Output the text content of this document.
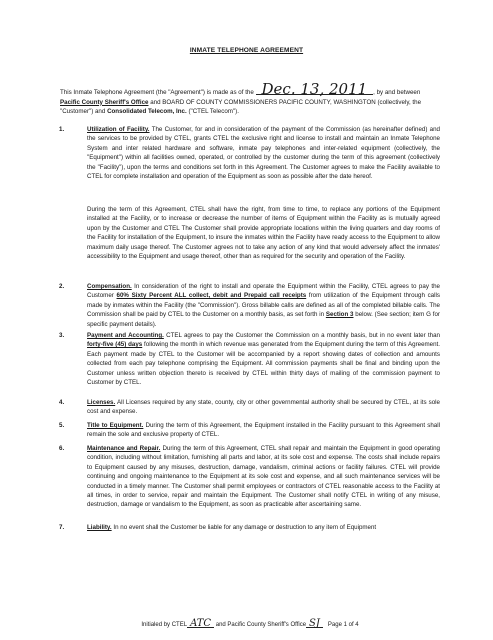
INMATE TELEPHONE AGREEMENT
This Inmate Telephone Agreement (the "Agreement") is made as of the Dec. 13, 2011 , by and between Pacific County Sheriff's Office and BOARD OF COUNTY COMMISSIONERS PACIFIC COUNTY, WASHINGTON (collectively, the "Customer") and Consolidated Telecom, Inc. ("CTEL Telecom").
1.	Utilization of Facility. The Customer, for and in consideration of the payment of the Commission (as hereinafter defined) and the services to be provided by CTEL, grants CTEL the exclusive right and license to install and maintain an Inmate Telephone System and inter related hardware and software, inmate pay telephones and inter-related equipment (collectively, the "Equipment") within all facilities owned, operated, or controlled by the customer during the term of this agreement (collectively the "Facility"), upon the terms and conditions set forth in this Agreement. The Customer agrees to make the Facility available to CTEL for complete installation and operation of the Equipment as soon as possible after the date hereof.
During the term of this Agreement, CTEL shall have the right, from time to time, to replace any portions of the Equipment installed at the Facility, or to increase or decrease the number of items of Equipment within the Facility as is mutually agreed upon by the Customer and CTEL The Customer shall provide appropriate locations within the living quarters and day rooms of the Facility for installation of the Equipment, to insure the inmates within the Facility have ready access to the Equipment to allow maximum daily usage thereof. The Customer agrees not to take any action of any kind that would adversely affect the inmates' accessibility to the Equipment and usage thereof, other than as required for the security and operation of the Facility.
2.	Compensation. In consideration of the right to install and operate the Equipment within the Facility, CTEL agrees to pay the Customer 60% Sixty Percent ALL collect, debit and Prepaid call receipts from utilization of the Equipment through calls made by inmates within the Facility (the "Commission"). Gross billable calls are defined as all of the completed billable calls. The Commission shall be paid by CTEL to the Customer on a monthly basis, as set forth in Section 3 below. (See section; item G for specific payment details).
3.	Payment and Accounting. CTEL agrees to pay the Customer the Commission on a monthly basis, but in no event later than forty-five (45) days following the month in which revenue was generated from the Equipment during the term of this Agreement. Each payment made by CTEL to the Customer will be accompanied by a report showing dates of collection and amounts collected from each pay telephone comprising the Equipment. All commission payments shall be final and binding upon the Customer unless written objection thereto is received by CTEL within thirty days of mailing of the commission payment to Customer by CTEL.
4.	Licenses. All Licenses required by any state, county, city or other governmental authority shall be secured by CTEL, at its sole cost and expense.
5.	Title to Equipment. During the term of this Agreement, the Equipment installed in the Facility pursuant to this Agreement shall remain the sole and exclusive property of CTEL.
6.	Maintenance and Repair. During the term of this Agreement, CTEL shall repair and maintain the Equipment in good operating condition, including without limitation, furnishing all parts and labor, at its sole cost and expense. The costs shall include repairs to Equipment caused by any misuses, destruction, damage, vandalism, criminal actions or facility failures. CTEL will provide continuing and ongoing maintenance to the Equipment at its sole cost and expense, and all such maintenance services will be conducted in a timely manner. The Customer shall permit employees or contractors of CTEL reasonable access to the Facility at all times, in order to service, repair and maintain the Equipment. The Customer shall notify CTEL in writing of any misuse, destruction, damage or vandalism to the Equipment, as soon as practicable after ascertaining same.
7.	Liability. In no event shall the Customer be liable for any damage or destruction to any item of Equipment
Initialed by CTEL ATC and Pacific County Sheriff's Office SJ Page 1 of 4
